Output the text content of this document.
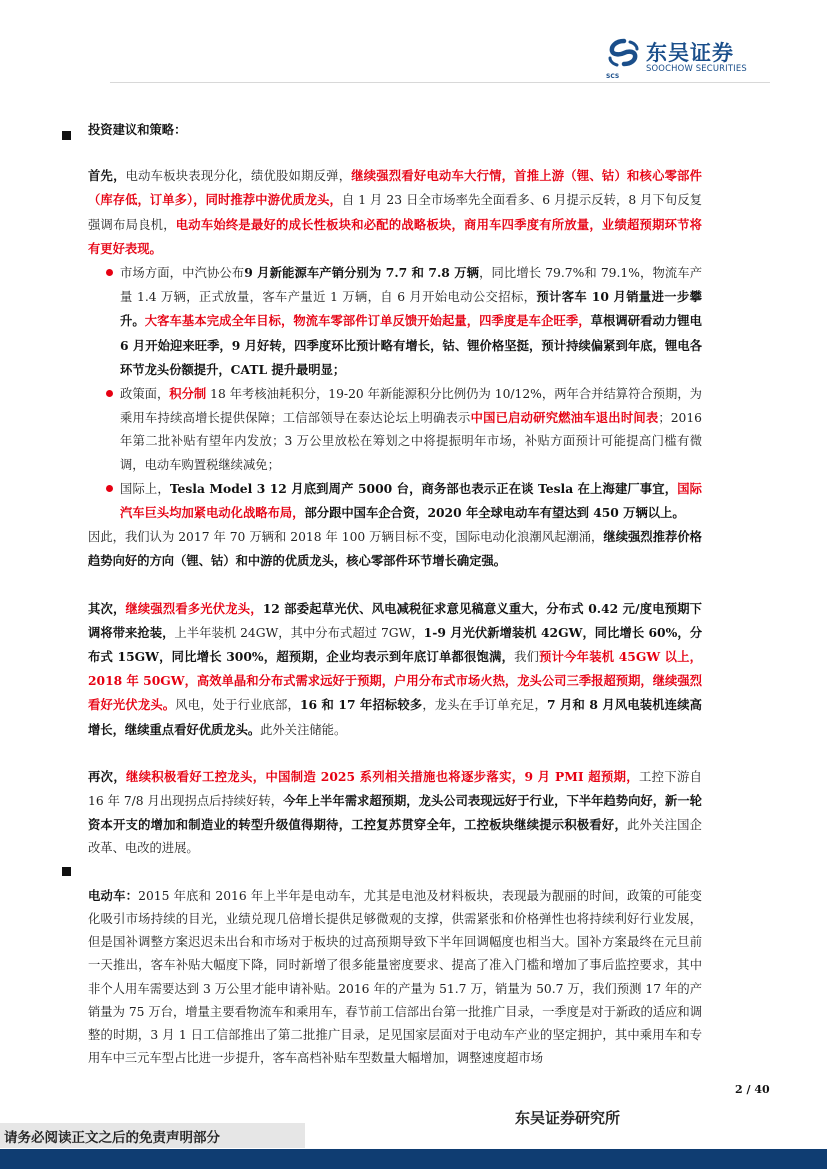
东吴证券
SOOCHOW SECURITIES
SCS

投资建议和策略：

首先，电动车板块表现分化，绩优股如期反弹，继续强烈看好电动车大行情，首推上游（锂、钴）和核心零部件（库存低，订单多），同时推荐中游优质龙头，自 1 月 23 日全市场率先全面看多、6 月提示反转，8 月下旬反复强调布局良机，电动车始终是最好的成长性板块和必配的战略板块，商用车四季度有所放量，业绩超预期环节将有更好表现。

市场方面，中汽协公布9 月新能源车产销分别为 7.7 和 7.8 万辆，同比增长 79.7%和 79.1%，物流车产量 1.4 万辆，正式放量，客车产量近 1 万辆，自 6 月开始电动公交招标，预计客车 10 月销量进一步攀升。大客车基本完成全年目标，物流车零部件订单反馈开始起量，四季度是车企旺季，草根调研看动力锂电 6 月开始迎来旺季，9 月好转，四季度环比预计略有增长，钴、锂价格坚挺，预计持续偏紧到年底，锂电各环节龙头份额提升，CATL 提升最明显；

政策面，积分制 18 年考核油耗积分，19-20 年新能源积分比例仍为 10/12%，两年合并结算符合预期，为乘用车持续高增长提供保障；工信部领导在泰达论坛上明确表示中国已启动研究燃油车退出时间表；2016 年第二批补贴有望年内发放；3 万公里放松在筹划之中将提振明年市场，补贴方面预计可能提高门槛有微调，电动车购置税继续减免；

国际上，Tesla Model 3 12 月底到周产 5000 台，商务部也表示正在谈 Tesla 在上海建厂事宜，国际汽车巨头均加紧电动化战略布局，部分跟中国车企合资，2020 年全球电动车有望达到 450 万辆以上。

因此，我们认为 2017 年 70 万辆和 2018 年 100 万辆目标不变，国际电动化浪潮风起潮涌，继续强烈推荐价格趋势向好的方向（锂、钴）和中游的优质龙头，核心零部件环节增长确定强。

其次，继续强烈看多光伏龙头，12 部委起草光伏、风电减税征求意见稿意义重大，分布式 0.42 元/度电预期下调将带来抢装，上半年装机 24GW，其中分布式超过 7GW，1-9 月光伏新增装机 42GW，同比增长 60%，分布式 15GW，同比增长 300%，超预期，企业均表示到年底订单都很饱满，我们预计今年装机 45GW 以上，2018 年 50GW，高效单晶和分布式需求远好于预期，户用分布式市场火热，龙头公司三季报超预期，继续强烈看好光伏龙头。风电，处于行业底部，16 和 17 年招标较多，龙头在手订单充足，7 月和 8 月风电装机连续高增长，继续重点看好优质龙头。此外关注储能。

再次，继续积极看好工控龙头，中国制造 2025 系列相关措施也将逐步落实，9 月 PMI 超预期，工控下游自 16 年 7/8 月出现拐点后持续好转，今年上半年需求超预期，龙头公司表现远好于行业，下半年趋势向好，新一轮资本开支的增加和制造业的转型升级值得期待，工控复苏贯穿全年，工控板块继续提示积极看好，此外关注国企改革、电改的进展。

电动车：2015 年底和 2016 年上半年是电动车，尤其是电池及材料板块，表现最为靓丽的时间，政策的可能变化吸引市场持续的目光，业绩兑现几倍增长提供足够微观的支撑，供需紧张和价格弹性也将持续利好行业发展，但是国补调整方案迟迟未出台和市场对于板块的过高预期导致下半年回调幅度也相当大。国补方案最终在元旦前一天推出，客车补贴大幅度下降，同时新增了很多能量密度要求、提高了准入门槛和增加了事后监控要求，其中非个人用车需要达到 3 万公里才能申请补贴。2016 年的产量为 51.7 万，销量为 50.7 万，我们预测 17 年的产销量为 75 万台，增量主要看物流车和乘用车，春节前工信部出台第一批推广目录，一季度是对于新政的适应和调整的时期，3 月 1 日工信部推出了第二批推广目录，足见国家层面对于电动车产业的坚定拥护，其中乘用车和专用车中三元车型占比进一步提升，客车高档补贴车型数量大幅增加，调整速度超市场

2 / 40
东吴证券研究所
请务必阅读正文之后的免责声明部分
